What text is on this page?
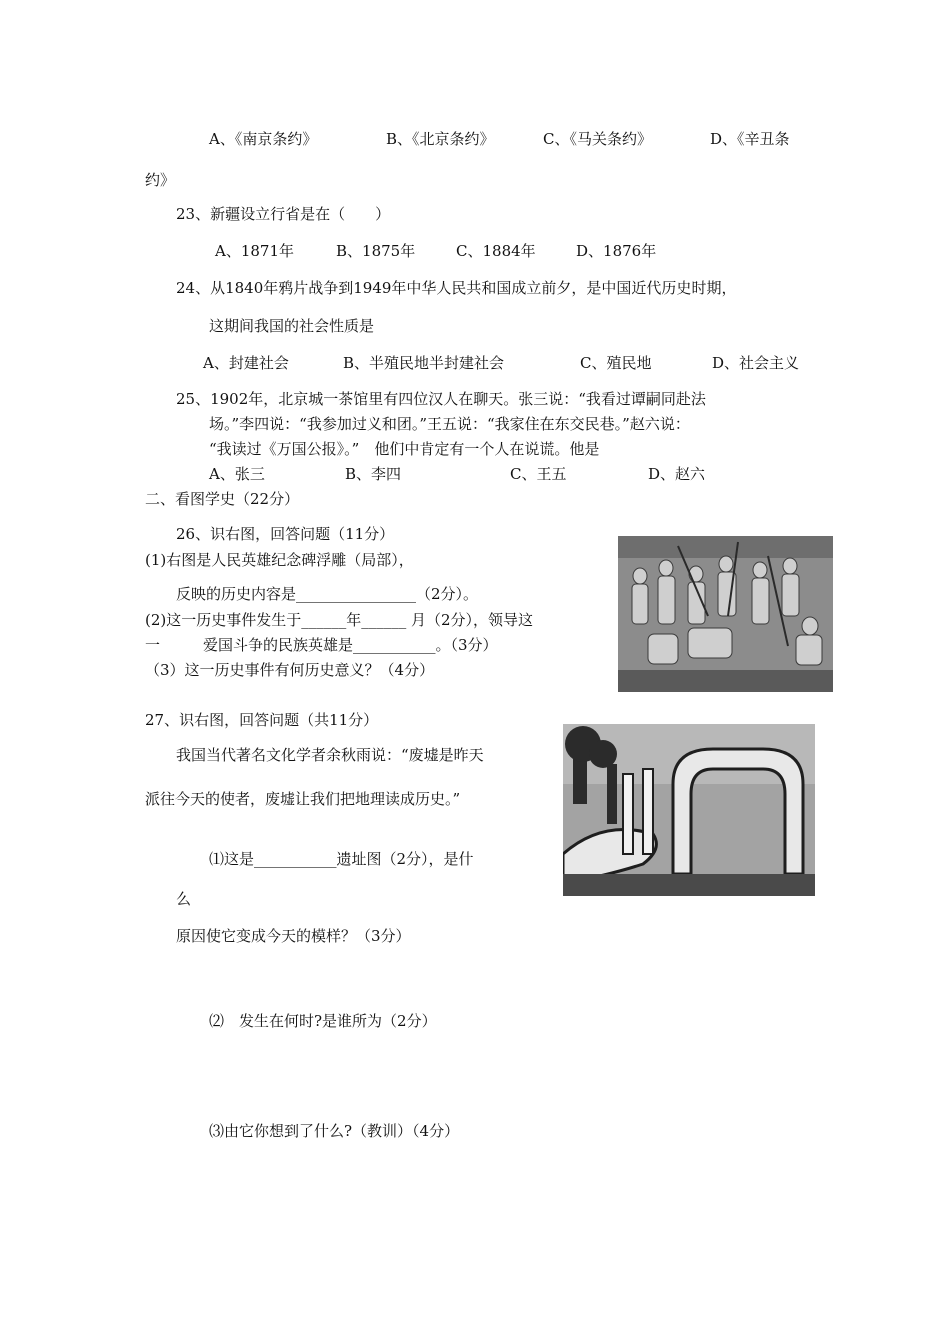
A、《南京条约》	B、《北京条约》	C、《马关条约》	D、《辛丑条
约》
23、新疆设立行省是在（　　）
A、1871年	B、1875年	C、1884年	D、1876年
24、从1840年鸦片战争到1949年中华人民共和国成立前夕，是中国近代历史时期，
这期间我国的社会性质是
A、封建社会	B、半殖民地半封建社会	C、殖民地	D、社会主义
25、1902年，北京城一茶馆里有四位汉人在聊天。张三说：“我看过谭嗣同赴法
场。”李四说：“我参加过义和团。”王五说：“我家住在东交民巷。”赵六说：
“我读过《万国公报》。”　他们中肯定有一个人在说谎。他是
A、张三	B、李四	C、王五	D、赵六
二、看图学史（22分）
26、识右图，回答问题（11分）
(1)右图是人民英雄纪念碑浮雕（局部），
反映的历史内容是________________（2分）。
(2)这一历史事件发生于______年______ 月（2分），领导这
一	爱国斗争的民族英雄是___________。（3分）
（3）这一历史事件有何历史意义？（4分）
27、识右图，回答问题（共11分）
我国当代著名文化学者余秋雨说：“废墟是昨天
派往今天的使者，废墟让我们把地理读成历史。”
⑴这是___________遗址图（2分），是什
么
原因使它变成今天的模样？（3分）
⑵　发生在何时?是谁所为（2分）
⑶由它你想到了什么?（教训）（4分）
